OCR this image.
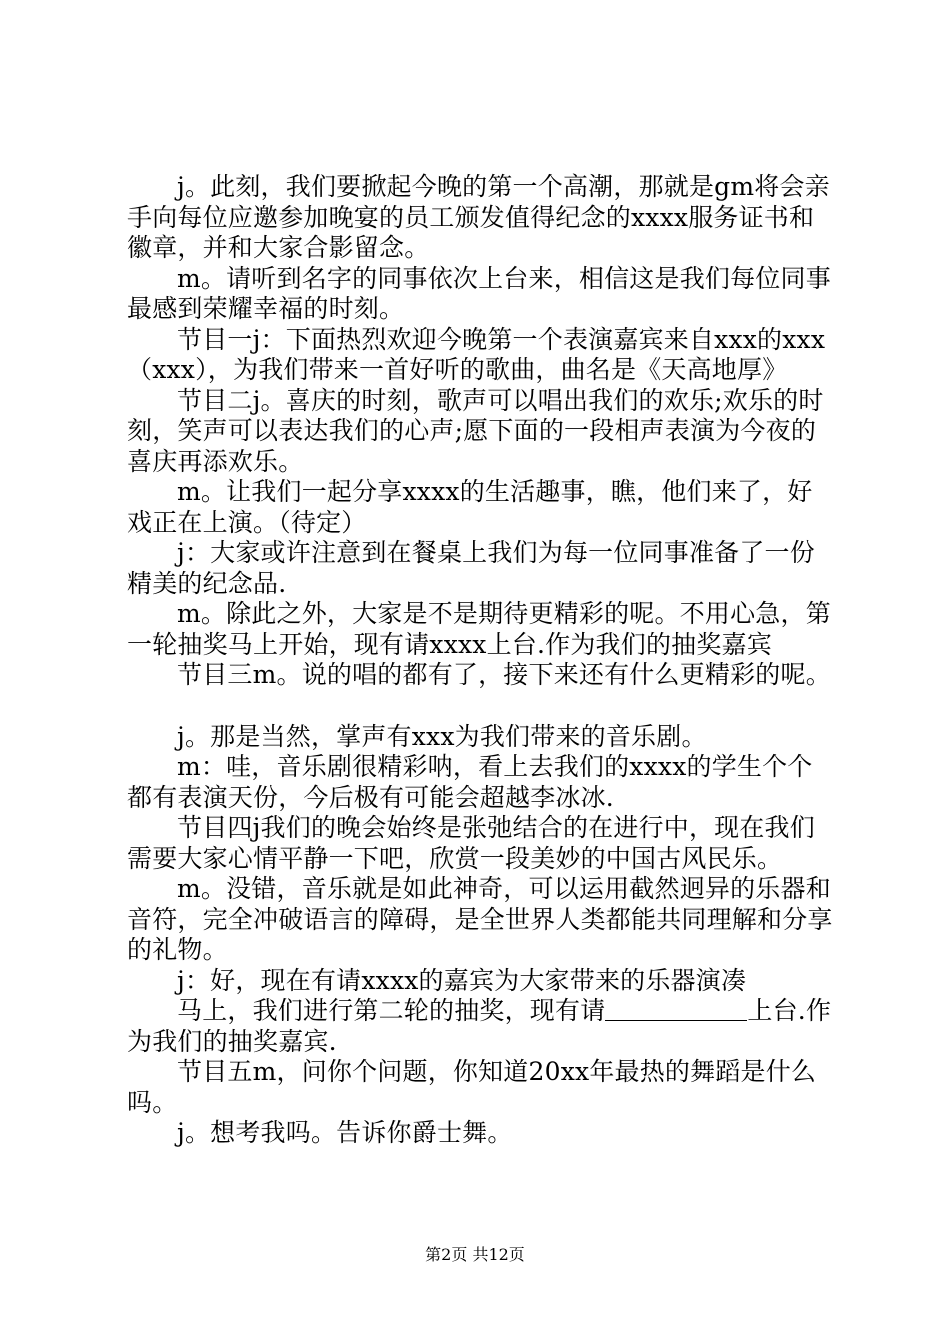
j。此刻，我们要掀起今晚的第一个高潮，那就是gm将会亲手向每位应邀参加晚宴的员工颁发值得纪念的xxxx服务证书和徽章，并和大家合影留念。

m。请听到名字的同事依次上台来，相信这是我们每位同事最感到荣耀幸福的时刻。

节目一j：下面热烈欢迎今晚第一个表演嘉宾来自xxx的xxx（xxx），为我们带来一首好听的歌曲，曲名是《天高地厚》

节目二j。喜庆的时刻，歌声可以唱出我们的欢乐;欢乐的时刻，笑声可以表达我们的心声;愿下面的一段相声表演为今夜的喜庆再添欢乐。

m。让我们一起分享xxxx的生活趣事，瞧，他们来了，好戏正在上演。（待定）

j：大家或许注意到在餐桌上我们为每一位同事准备了一份精美的纪念品.

m。除此之外，大家是不是期待更精彩的呢。不用心急，第一轮抽奖马上开始，现有请xxxx上台.作为我们的抽奖嘉宾

节目三m。说的唱的都有了，接下来还有什么更精彩的呢。

j。那是当然，掌声有xxx为我们带来的音乐剧。

m：哇，音乐剧很精彩呐，看上去我们的xxxx的学生个个都有表演天份，今后极有可能会超越李冰冰.

节目四j我们的晚会始终是张弛结合的在进行中，现在我们需要大家心情平静一下吧，欣赏一段美妙的中国古风民乐。

m。没错，音乐就是如此神奇，可以运用截然迥异的乐器和音符，完全冲破语言的障碍，是全世界人类都能共同理解和分享的礼物。

j：好，现在有请xxxx的嘉宾为大家带来的乐器演凑

马上，我们进行第二轮的抽奖，现有请	上台.作为我们的抽奖嘉宾.

节目五m，问你个问题，你知道20xx年最热的舞蹈是什么吗。

j。想考我吗。告诉你爵士舞。

第2页 共12页
